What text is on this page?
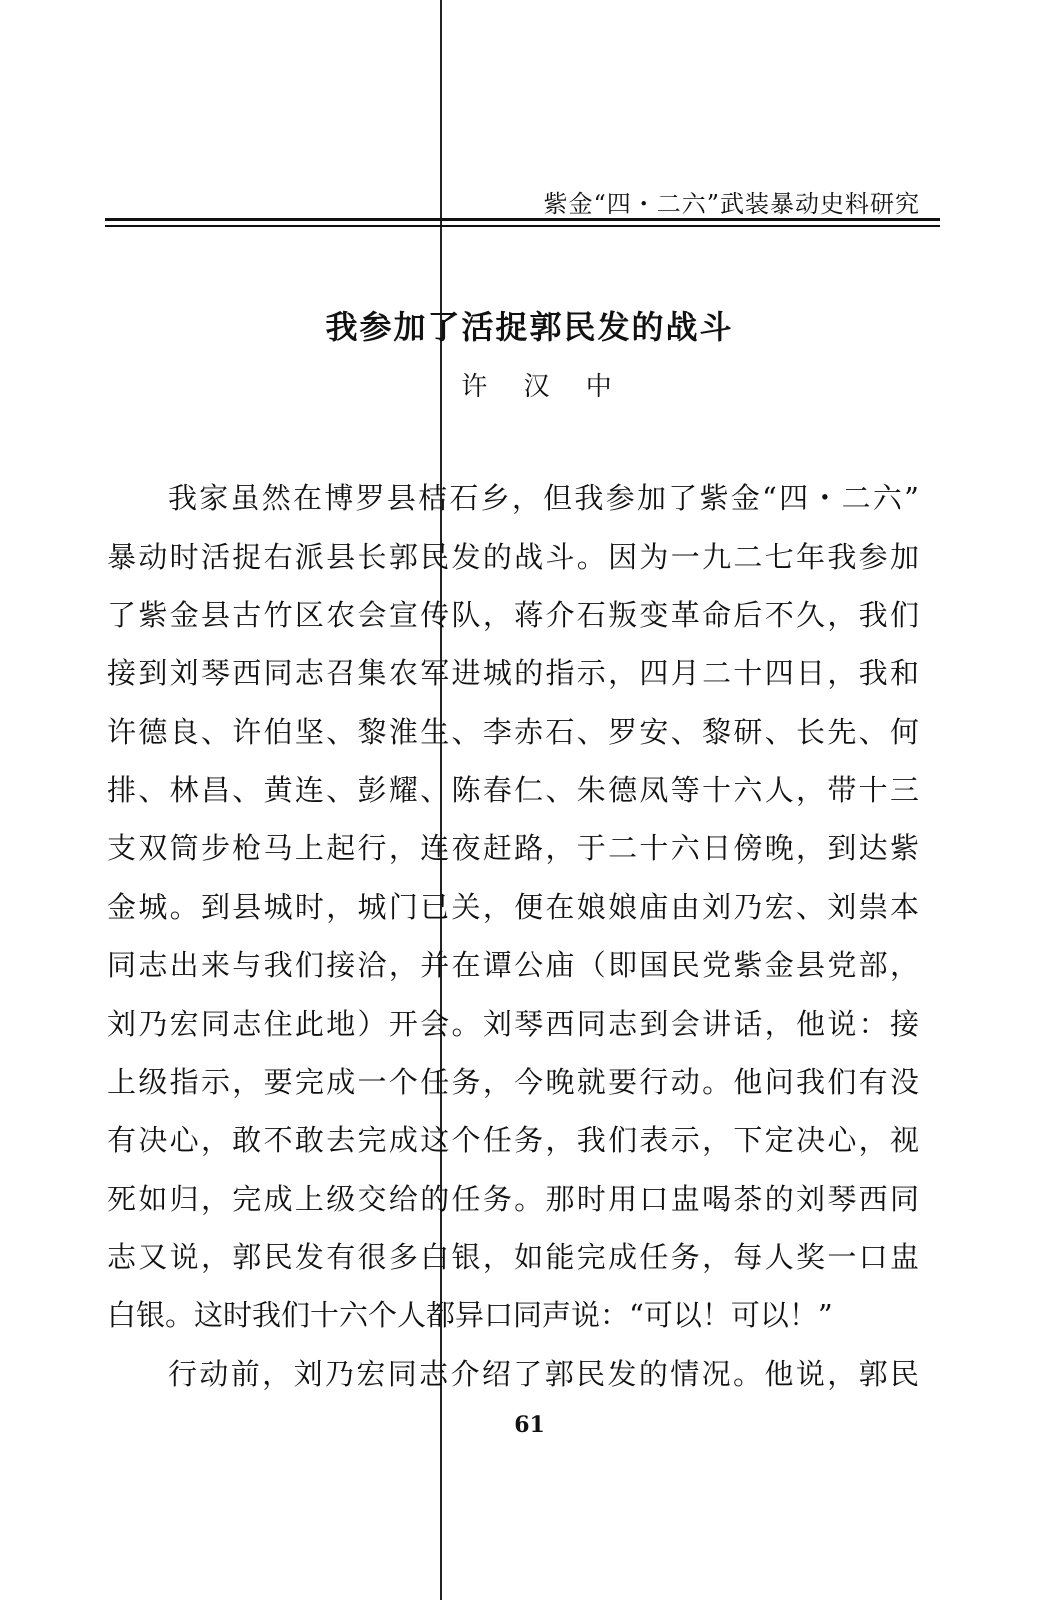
紫金“四・二六”武装暴动史料研究
我参加了活捉郭民发的战斗
许 汉 中
我家虽然在博罗县桔石乡，但我参加了紫金“四・二六”
暴动时活捉右派县长郭民发的战斗。因为一九二七年我参加
了紫金县古竹区农会宣传队，蒋介石叛变革命后不久，我们
接到刘琴西同志召集农军进城的指示，四月二十四日，我和
许德良、许伯坚、黎淮生、李赤石、罗安、黎研、长先、何
排、林昌、黄连、彭耀、陈春仁、朱德凤等十六人，带十三
支双筒步枪马上起行，连夜赶路，于二十六日傍晚，到达紫
金城。到县城时，城门已关，便在娘娘庙由刘乃宏、刘祟本
同志出来与我们接洽，并在谭公庙（即国民党紫金县党部，
刘乃宏同志住此地）开会。刘琴西同志到会讲话，他说：接
上级指示，要完成一个任务，今晚就要行动。他问我们有没
有决心，敢不敢去完成这个任务，我们表示，下定决心，视
死如归，完成上级交给的任务。那时用口盅喝茶的刘琴西同
志又说，郭民发有很多白银，如能完成任务，每人奖一口盅
白银。这时我们十六个人都异口同声说：“可以！可以！”
行动前，刘乃宏同志介绍了郭民发的情况。他说，郭民
61
